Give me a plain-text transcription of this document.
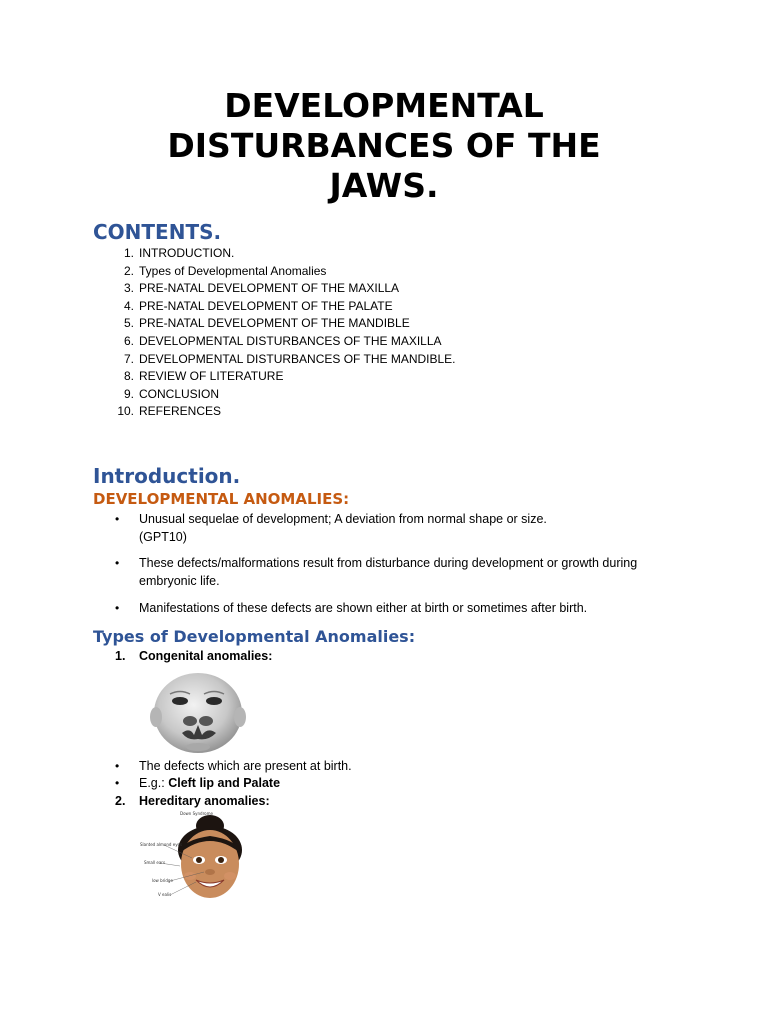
DEVELOPMENTAL
DISTURBANCES OF THE
JAWS.
CONTENTS.
1. INTRODUCTION.
2. Types of Developmental Anomalies
3. PRE-NATAL DEVELOPMENT OF THE MAXILLA
4. PRE-NATAL DEVELOPMENT OF THE PALATE
5. PRE-NATAL DEVELOPMENT OF THE MANDIBLE
6. DEVELOPMENTAL DISTURBANCES OF THE MAXILLA
7. DEVELOPMENTAL DISTURBANCES OF THE MANDIBLE.
8. REVIEW OF LITERATURE
9. CONCLUSION
10. REFERENCES
Introduction.
DEVELOPMENTAL ANOMALIES:
• Unusual sequelae of development; A deviation from normal shape or size.
(GPT10)
• These defects/malformations result from disturbance during development or growth during embryonic life.
• Manifestations of these defects are shown either at birth or sometimes after birth.
Types of Developmental Anomalies:
1. Congenital anomalies:
• The defects which are present at birth.
• E.g.: Cleft lip and Palate
2. Hereditary anomalies:
Down Syndrome
Slanted almond eyes
Small ears
low bridge
V ealis
